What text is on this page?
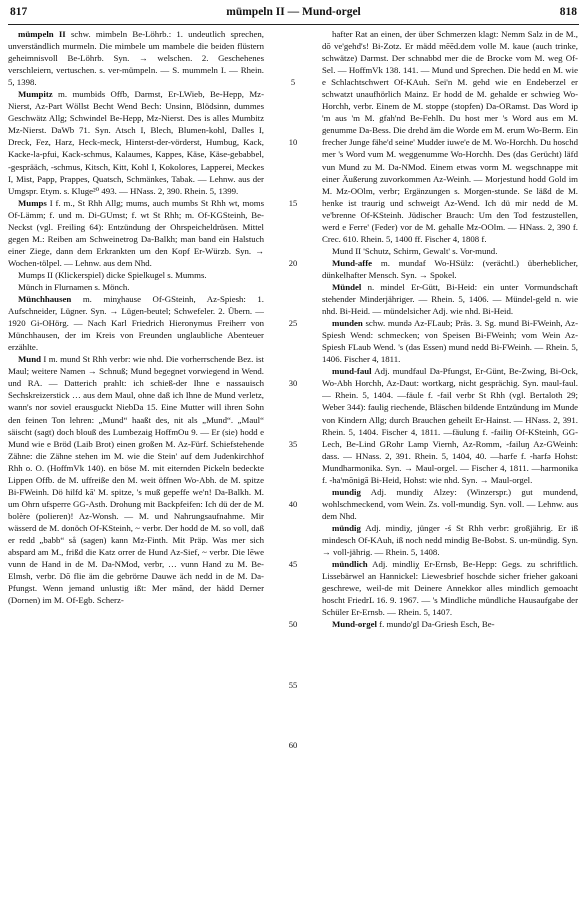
817	mümpeln II — Mund-orgel	818

mümpeln II schw. mimbeln Be-Löhrb.: 1. undeutlich sprechen, unverständlich murmeln. Die mimbele um mambele die beiden flüstern geheimnisvoll Be-Löhrb. Syn. → welschen. 2. Geschehenes verschleiern, vertuschen. s. ver-mümpeln. — S. mummeln I. — Rhein. 5, 1398.

Mumpitz m. mumbids Offb, Darmst, Er-LWieb, Be-Hepp, Mz-Nierst, Az-Part Wöllst Becht Wend Bech: Unsinn, Blödsinn, dummes Geschwätz Allg; Schwindel Be-Hepp, Mz-Nierst. Des is alles Mumbitz Mz-Nierst. DaWb 71. Syn. Atsch I, Blech, Blumen-kohl, Dalles I, Dreck, Fez, Harz, Heck-meck, Hinterst-der-vörderst, Humbug, Kack, Kacke-la-pfui, Kack-schmus, Kalaumes, Kappes, Käse, Käse-gebabbel, -gesprääch, -schmus, Kitsch, Kitt, Kohl I, Kokolores, Lapperei, Meckes I, Mist, Papp, Prappes, Quatsch, Schmänkes, Tabak. — Lehnw. aus der Umgspr. Etym. s. Kluge²⁰ 493. — HNass. 2, 390. Rhein. 5, 1399.

Mumps I f. m., St Rhh Allg; mums, auch mumbs St Rhh wt, moms Of-Lämm; f. und m. Di-GUmst; f. wt St Rhh; m. Of-KGSteinh, Be-Neckst (vgl. Freiling 64): Entzündung der Ohrspeicheldrüsen. Mittel gegen M.: Reiben am Schweinetrog Da-Balkh; man band ein Halstuch einer Ziege, dann dem Erkrankten um den Kopf Er-Würzb. Syn. → Wochen-tölpel. — Lehnw. aus dem Nhd.

Mumps II (Klickerspiel) dicke Spielkugel s. Mumms.

Münch in Flurnamen s. Mönch.

Münchhausen m. minχhause Of-GSteinh, Az-Spiesh: 1. Aufschneider, Lügner. Syn. → Lügen-beutel; Schwefeler. 2. Übern. — 1920 Gi-OHörg. — Nach Karl Friedrich Hieronymus Freiherr von Münchhausen, der im Kreis von Freunden unglaubliche Abenteuer erzählte.

Mund I m. mund St Rhh verbr: wie nhd. Die vorherrschende Bez. ist Maul; weitere Namen → Schnuß; Mund begegnet vorwiegend in Wend. und RA. — Datterich prahlt: ich schieß-der Ihne e nassauisch Sechskreizerstick … aus dem Maul, ohne daß ich Ihne de Mund verletz, wann's nor soviel erausguckt NiebDa 15. Eine Mutter will ihren Sohn den feinen Ton lehren: „Mund“ haaßt des, nit als „Mund“. „Maul“ säischt (sagt) doch blouß des Lumbezaig HoffmOu 9. — Er (sie) hodd e Mund wie e Bröd (Laib Brot) einen großen M. Az-Fürf. Schiefstehende Zähne: die Zähne stehen im M. wie die Stein' auf dem Judenkirchhof Rhh o. O. (HoffmVk 140). en böse M. mit eiternden Pickeln bedeckte Lippen Offb. de M. uffreiße den M. weit öffnen Wo-Abh. de M. spitze Bi-FWeinh. Dö hilfd kā' M. spitze, 's muß gepeffe we'n! Da-Balkh. M. um Ohrn ufsperre GG-Asth. Drohung mit Backpfeifen: Ich dü der de M. bolère (polieren)! Az-Wonsh. — M. und Nahrungsaufnahme. Mir wässerd de M. donöch Of-KSteinh, ~ verbr. Der hodd de M. so voll, daß er redd „babb“ så (sagen) kann Mz-Finth. Mit Präp. Was mer sich abspard am M., frißd die Katz orrer de Hund Az-Sief, ~ verbr. Die lēwe vunn de Hand in de M. Da-NMod, verbr, … vunn Hand zu M. Be-Elmsh, verbr. Dō flie äm die gebrörne Dauwe äch nedd in de M. Da-Pfungst. Wenn jemand unlustig ißt: Mer mānd, der hädd Derner (Dornen) im M. Of-Egb. Scherz-

5
10
15
20
25
30
35
40
45
50
55
60

hafter Rat an einen, der über Schmerzen klagt: Nemm Salz in de M., dō ve'gehd's! Bi-Zotz. Er mädd mēēd.dem volle M. kaue (auch trinke, schwätze) Darmst. Der schnabbd mer die de Brocke vom M. weg Of-Sel. — HoffmVk 138. 141. — Mund und Sprechen. Die hedd en M. wie e Schlachtschwert Of-KAuh. Sei'n M. gehd wie en Endeberzel er schwatzt unaufhörlich Mainz. Er hodd de M. gehalde er schwieg Wo-Horchh, verbr. Einem de M. stoppe (stopfen) Da-ORamst. Das Word ip 'm aus 'm M. gfah'nd Be-Fehlh. Du host mer 's Word aus em M. genumme Da-Bess. Die drehd äm die Worde em M. erum Wo-Berm. Ein frecher Junge fähe'd seine' Mudder iuwe'e de M. Wo-Horchh. Du hoschd mer 's Word vum M. weggenumme Wo-Horchh. Des (das Gerücht) läfd vun Mund zu M. Da-NMod. Einem etwas vorm M. wegschnappe mit einer Äußerung zuvorkommen Az-Weinh. — Morjestund hodd Gold im M. Mz-OOlm, verbr; Ergänzungen s. Morgen-stunde. Se läßd de M. henke ist traurig und schweigt Az-Wend. Ich dü mir nedd de M. ve'brenne Of-KSteinh. Jüdischer Brauch: Um den Tod festzustellen, werd e Ferre' (Feder) vor de M. gehalle Mz-OOlm. — HNass. 2, 390 f. Crec. 610. Rhein. 5, 1400 ff. Fischer 4, 1808 f.

Mund II 'Schutz, Schirm, Gewalt' s. Vor-mund.

Mund-affe m. mundaf Wo-HSülz: (verächtl.) überheblicher, dünkelhafter Mensch. Syn. → Spokel.

Mündel n. mindel Er-Gütt, Bi-Heid: ein unter Vormundschaft stehender Minderjähriger. — Rhein. 5, 1406. — Mündel-geld n. wie nhd. Bi-Heid. — mündelsicher Adj. wie nhd. Bi-Heid.

munden schw. mundə Az-FLaub; Präs. 3. Sg. mund Bi-FWeinh, Az-Spiesh Wend: schmecken; von Speisen Bi-FWeinh; vom Wein Az-Spiesh FLaub Wend. 's (das Essen) mund nedd Bi-FWeinh. — Rhein. 5, 1406. Fischer 4, 1811.

mund-faul Adj. mundfaul Da-Pfungst, Er-Günt, Be-Zwing, Bi-Ock, Wo-Abh Horchh, Az-Daut: wortkarg, nicht gesprächig. Syn. maul-faul. — Rhein. 5, 1404. —fäule f. -fail verbr St Rhh (vgl. Bertaloth 29; Weber 344): faulig riechende, Bläschen bildende Entzündung im Munde von Kindern Allg; durch Brauchen geheilt Er-Hainst. — HNass. 2, 391. Rhein. 5, 1404. Fischer 4, 1811. —fäulung f. -failiŋ Of-KSteinh, GG-Lech, Be-Lind GRohr Lamp Viernh, Az-Romm, -failuŋ Az-GWeinh: dass. — HNass. 2, 391. Rhein. 5, 1404, 40. —harfe f. -harfə Hohst: Mundharmonika. Syn. → Maul-orgel. — Fischer 4, 1811. —harmonika f. -ha'mōnigā Bi-Heid, Hohst: wie nhd. Syn. → Maul-orgel.

mundig Adj. mundiχ Alzey: (Winzerspr.) gut mundend, wohlschmeckend, vom Wein. Zs. voll-mundig. Syn. voll. — Lehnw. aus dem Nhd.

mündig Adj. mindiχ, jünger -ś St Rhh verbr: großjährig. Er iß mindesch Of-KAuh, iß noch nedd mindig Be-Bobst. S. un-mündig. Syn. → voll-jährig. — Rhein. 5, 1408.

mündlich Adj. mindliχ Er-Ernsb, Be-Hepp: Gegs. zu schriftlich. Lissebärwel an Hannickel: Liewesbrief hoschde sicher frieher gakoani geschrewe, weil-de mit Deinere Annekkor alles mindlich gemoacht hoscht FriedrL 16. 9. 1967. — 's Mindliche mündliche Hausaufgabe der Schüler Er-Ernsb. — Rhein. 5, 1407.

Mund-orgel f. mundo'gl Da-Griesh Esch, Be-
